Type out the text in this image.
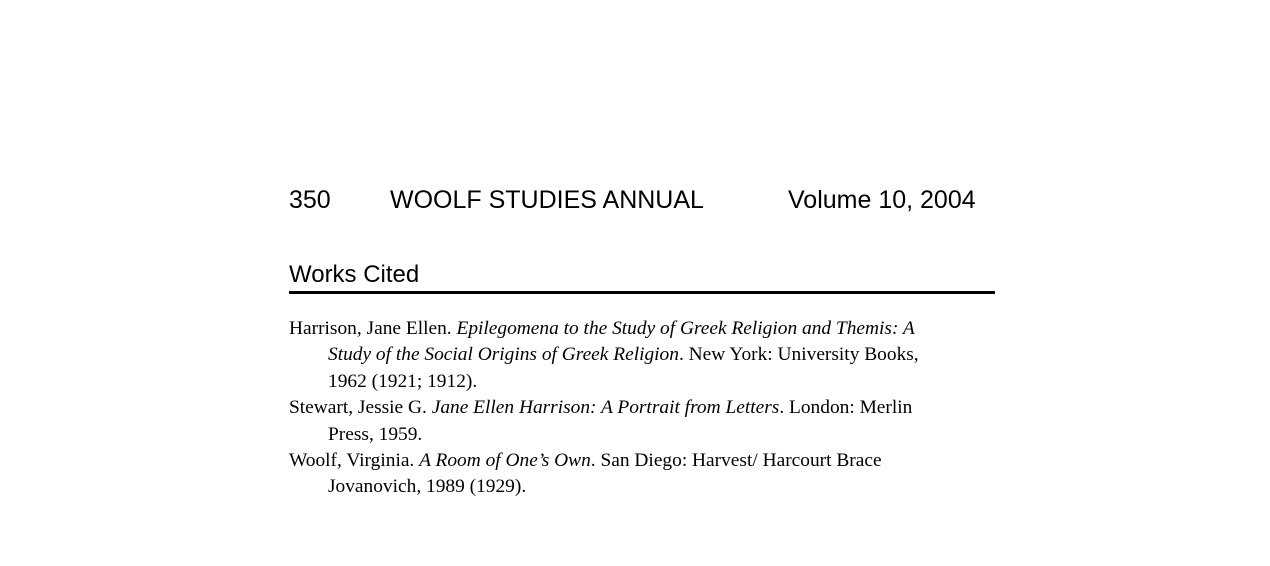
350 WOOLF STUDIES ANNUAL	Volume 10, 2004
Works Cited
Harrison, Jane Ellen. Epilegomena to the Study of Greek Religion and Themis: A
Study of the Social Origins of Greek Religion. New York: University Books,
1962 (1921; 1912).
Stewart, Jessie G. Jane Ellen Harrison: A Portrait from Letters. London: Merlin
Press, 1959.
Woolf, Virginia. A Room of One’s Own. San Diego: Harvest/ Harcourt Brace
Jovanovich, 1989 (1929).
